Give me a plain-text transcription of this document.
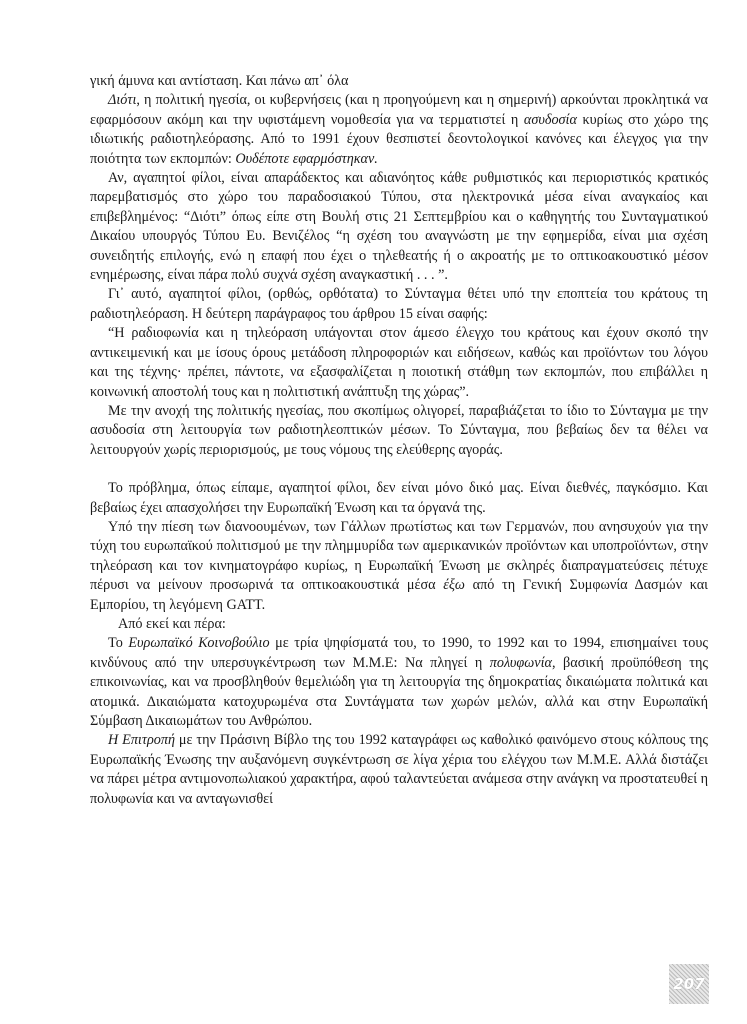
γική άμυνα και αντίσταση. Και πάνω απ᾽ όλα

Διότι, η πολιτική ηγεσία, οι κυβερνήσεις (και η προηγούμενη και η σημερινή) αρκούνται προκλητικά να εφαρμόσουν ακόμη και την υφιστάμενη νομοθεσία για να τερματιστεί η ασυδοσία κυρίως στο χώρο της ιδιωτικής ραδιοτηλεόρασης. Από το 1991 έχουν θεσπιστεί δεοντολογικοί κανόνες και έλεγχος για την ποιότητα των εκπομπών: Ουδέποτε εφαρμόστηκαν.

Αν, αγαπητοί φίλοι, είναι απαράδεκτος και αδιανόητος κάθε ρυθμιστικός και περιοριστικός κρατικός παρεμβατισμός στο χώρο του παραδοσιακού Τύπου, στα ηλεκτρονικά μέσα είναι αναγκαίος και επιβεβλημένος: “Διότι” όπως είπε στη Βουλή στις 21 Σεπτεμβρίου και ο καθηγητής του Συνταγματικού Δικαίου υπουργός Τύπου Ευ. Βενιζέλος “η σχέση του αναγνώστη με την εφημερίδα, είναι μια σχέση συνειδητής επιλογής, ενώ η επαφή που έχει ο τηλεθεατής ή ο ακροατής με το οπτικοακουστικό μέσον ενημέρωσης, είναι πάρα πολύ συχνά σχέση αναγκαστική . . . ”.

Γι᾽ αυτό, αγαπητοί φίλοι, (ορθώς, ορθότατα) το Σύνταγμα θέτει υπό την εποπτεία του κράτους τη ραδιοτηλεόραση. Η δεύτερη παράγραφος του άρθρου 15 είναι σαφής:

“Η ραδιοφωνία και η τηλεόραση υπάγονται στον άμεσο έλεγχο του κράτους και έχουν σκοπό την αντικειμενική και με ίσους όρους μετάδοση πληροφοριών και ειδήσεων, καθώς και προϊόντων του λόγου και της τέχνης· πρέπει, πάντοτε, να εξασφαλίζεται η ποιοτική στάθμη των εκπομπών, που επιβάλλει η κοινωνική αποστολή τους και η πολιτιστική ανάπτυξη της χώρας”.

Με την ανοχή της πολιτικής ηγεσίας, που σκοπίμως ολιγορεί, παραβιάζεται το ίδιο το Σύνταγμα με την ασυδοσία στη λειτουργία των ραδιοτηλεοπτικών μέσων. Το Σύνταγμα, που βεβαίως δεν τα θέλει να λειτουργούν χωρίς περιορισμούς, με τους νόμους της ελεύθερης αγοράς.

Το πρόβλημα, όπως είπαμε, αγαπητοί φίλοι, δεν είναι μόνο δικό μας. Είναι διεθνές, παγκόσμιο. Και βεβαίως έχει απασχολήσει την Ευρωπαϊκή Ένωση και τα όργανά της.

Υπό την πίεση των διανοουμένων, των Γάλλων πρωτίστως και των Γερμανών, που ανησυχούν για την τύχη του ευρωπαϊκού πολιτισμού με την πλημμυρίδα των αμερικανικών προϊόντων και υποπροϊόντων, στην τηλεόραση και τον κινηματογράφο κυρίως, η Ευρωπαϊκή Ένωση με σκληρές διαπραγματεύσεις πέτυχε πέρυσι να μείνουν προσωρινά τα οπτικοακουστικά μέσα έξω από τη Γενική Συμφωνία Δασμών και Εμπορίου, τη λεγόμενη GATT.

Από εκεί και πέρα:

Το Ευρωπαϊκό Κοινοβούλιο με τρία ψηφίσματά του, το 1990, το 1992 και το 1994, επισημαίνει τους κινδύνους από την υπερσυγκέντρωση των Μ.Μ.Ε: Να πληγεί η πολυφωνία, βασική προϋπόθεση της επικοινωνίας, και να προσβληθούν θεμελιώδη για τη λειτουργία της δημοκρατίας δικαιώματα πολιτικά και ατομικά. Δικαιώματα κατοχυρωμένα στα Συντάγματα των χωρών μελών, αλλά και στην Ευρωπαϊκή Σύμβαση Δικαιωμάτων του Ανθρώπου.

Η Επιτροπή με την Πράσινη Βίβλο της του 1992 καταγράφει ως καθολικό φαινόμενο στους κόλπους της Ευρωπαϊκής Ένωσης την αυξανόμενη συγκέντρωση σε λίγα χέρια του ελέγχου των Μ.Μ.Ε. Αλλά διστάζει να πάρει μέτρα αντιμονοπωλιακού χαρακτήρα, αφού ταλαντεύεται ανάμεσα στην ανάγκη να προστατευθεί η πολυφωνία και να ανταγωνισθεί

207
